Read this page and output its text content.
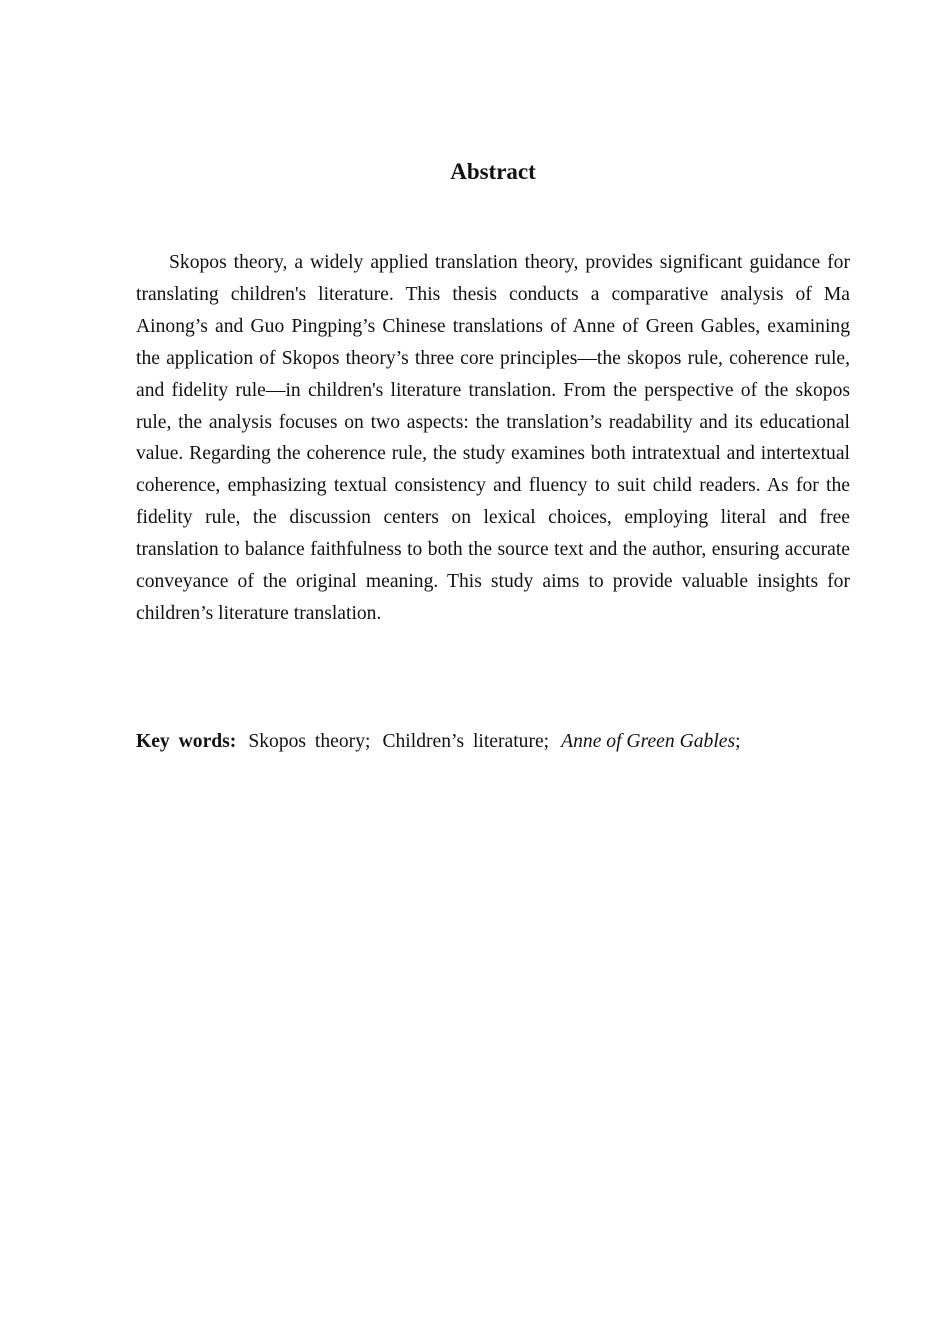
Abstract

Skopos theory, a widely applied translation theory, provides significant guidance for translating children's literature. This thesis conducts a comparative analysis of Ma Ainong’s and Guo Pingping’s Chinese translations of Anne of Green Gables, examining the application of Skopos theory’s three core principles—the skopos rule, coherence rule, and fidelity rule—in children's literature translation. From the perspective of the skopos rule, the analysis focuses on two aspects: the translation’s readability and its educational value. Regarding the coherence rule, the study examines both intratextual and intertextual coherence, emphasizing textual consistency and fluency to suit child readers. As for the fidelity rule, the discussion centers on lexical choices, employing literal and free translation to balance faithfulness to both the source text and the author, ensuring accurate conveyance of the original meaning. This study aims to provide valuable insights for children’s literature translation.

Key words: Skopos theory; Children’s literature; Anne of Green Gables;
